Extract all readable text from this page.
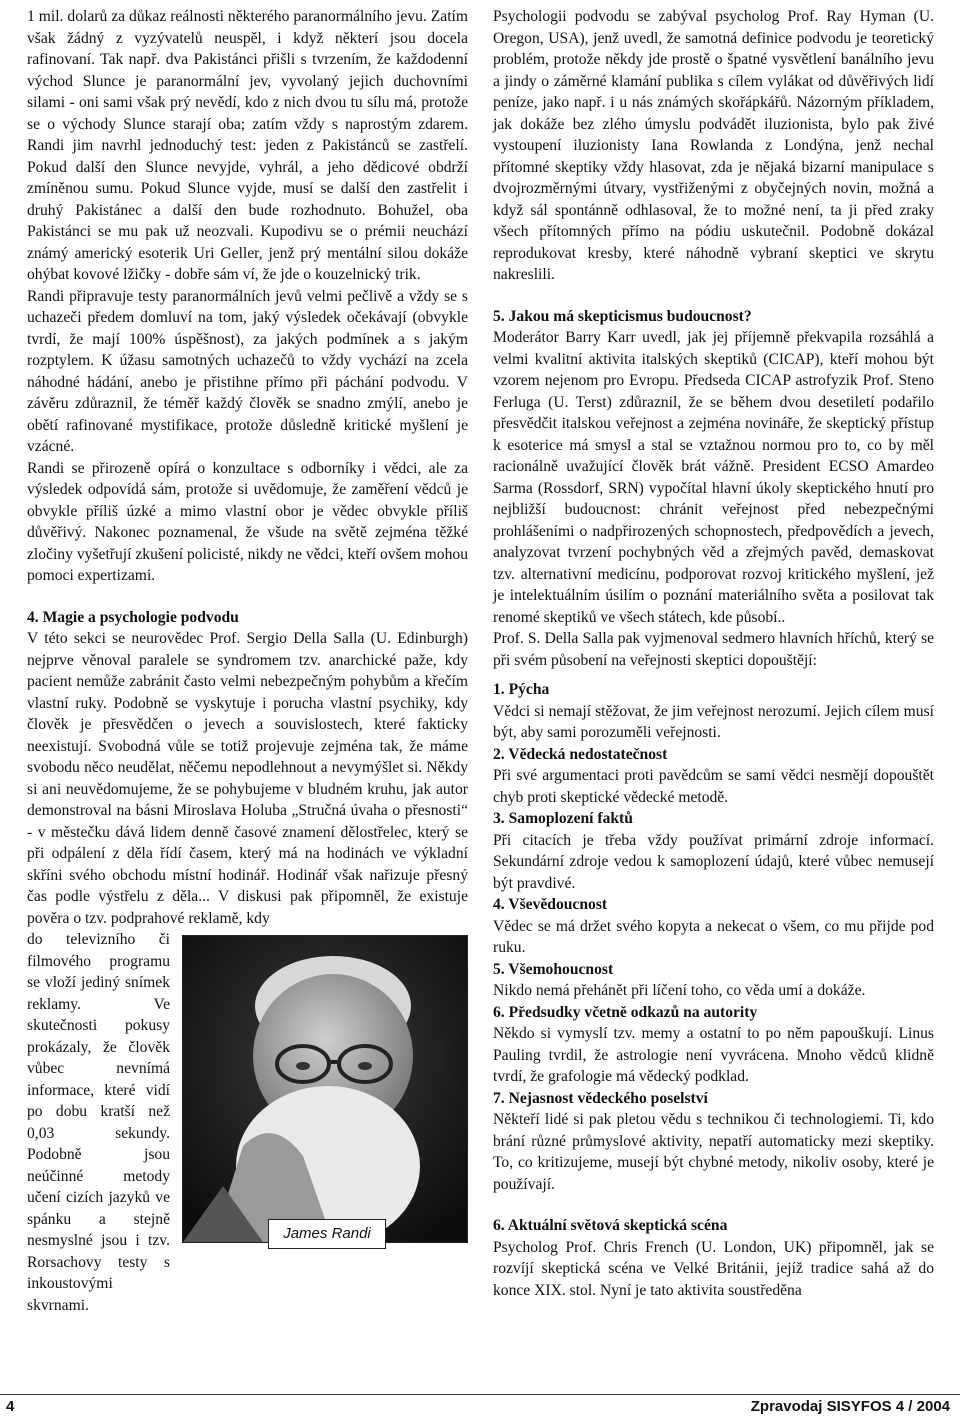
1 mil. dolarů za důkaz reálnosti některého paranormálního jevu. Zatím však žádný z vyzývatelů neuspěl, i když některí jsou docela rafinovaní. Tak např. dva Pakistánci přišli s tvrzením, že každodenní východ Slunce je paranormální jev, vyvolaný jejich duchovními silami - oni sami však prý nevědí, kdo z nich dvou tu sílu má, protože se o východy Slunce starají oba; zatím vždy s naprostým zdarem. Randi jim navrhl jednoduchý test: jeden z Pakistánců se zastřelí. Pokud další den Slunce nevyjde, vyhrál, a jeho dědicové obdrží zmíněnou sumu. Pokud Slunce vyjde, musí se další den zastřelit i druhý Pakistánec a další den bude rozhodnuto. Bohužel, oba Pakistánci se mu pak už neozvali. Kupodivu se o prémii neuchází známý americký esoterik Uri Geller, jenž prý mentální silou dokáže ohýbat kovové lžičky - dobře sám ví, že jde o kouzelnický trik.

Randi připravuje testy paranormálních jevů velmi pečlivě a vždy se s uchazeči předem domluví na tom, jaký výsledek očekávají (obvykle tvrdí, že mají 100% úspěšnost), za jakých podmínek a s jakým rozptylem. K úžasu samotných uchazečů to vždy vychází na zcela náhodné hádání, anebo je přistihne přímo při páchání podvodu. V závěru zdůraznil, že téměř každý člověk se snadno zmýlí, anebo je obětí rafinované mystifikace, protože důsledně kritické myšlení je vzácné.

Randi se přirozeně opírá o konzultace s odborníky i vědci, ale za výsledek odpovídá sám, protože si uvědomuje, že zaměření vědců je obvykle příliš úzké a mimo vlastní obor je vědec obvykle příliš důvěřivý. Nakonec poznamenal, že všude na světě zejména těžké zločiny vyšetřují zkušení policisté, nikdy ne vědci, kteří ovšem mohou pomoci expertizami.

4. Magie a psychologie podvodu

V této sekci se neurovědec Prof. Sergio Della Salla (U. Edinburgh) nejprve věnoval paralele se syndromem tzv. anarchické paže, kdy pacient nemůže zabránit často velmi nebezpečným pohybům a křečím vlastní ruky. Podobně se vyskytuje i porucha vlastní psychiky, kdy člověk je přesvědčen o jevech a souvislostech, které fakticky neexistují. Svobodná vůle se totiž projevuje zejména tak, že máme svobodu něco neudělat, něčemu nepodlehnout a nevymýšlet si. Někdy si ani neuvědomujeme, že se pohybujeme v bludném kruhu, jak autor demonstroval na básni Miroslava Holuba „Stručná úvaha o přesnosti“ - v městečku dává lidem denně časové znamení dělostřelec, který se při odpálení z děla řídí časem, který má na hodinách ve výkladní skříni svého obchodu místní hodinář. Hodinář však nařizuje přesný čas podle výstřelu z děla... V diskusi pak připomněl, že existuje pověra o tzv. podprahové reklamě, kdy

James Randi

do televizního či filmového programu se vloží jediný snímek reklamy. Ve skutečnosti pokusy prokázaly, že člověk vůbec nevnímá informace, které vidí po dobu kratší než 0,03 sekundy. Podobně jsou neúčinné metody učení cizích jazyků ve spánku a stejně nesmyslné jsou i tzv. Rorsachovy testy s inkoustovými skvrnami.

Psychologii podvodu se zabýval psycholog Prof. Ray Hyman (U. Oregon, USA), jenž uvedl, že samotná definice podvodu je teoretický problém, protože někdy jde prostě o špatné vysvětlení banálního jevu a jindy o záměrné klamání publika s cílem vylákat od důvěřivých lidí peníze, jako např. i u nás známých skořápkářů. Názorným příkladem, jak dokáže bez zlého úmyslu podvádět iluzionista, bylo pak živé vystoupení iluzionisty Iana Rowlanda z Londýna, jenž nechal přítomné skeptiky vždy hlasovat, zda je nějaká bizarní manipulace s dvojrozměrnými útvary, vystřiženými z obyčejných novin, možná a když sál spontánně odhlasoval, že to možné není, ta ji před zraky všech přítomných přímo na pódiu uskutečnil. Podobně dokázal reprodukovat kresby, které náhodně vybraní skeptici ve skrytu nakreslili.

5. Jakou má skepticismus budoucnost?

Moderátor Barry Karr uvedl, jak jej příjemně překvapila rozsáhlá a velmi kvalitní aktivita italských skeptiků (CICAP), kteří mohou být vzorem nejenom pro Evropu. Předseda CICAP astrofyzik Prof. Steno Ferluga (U. Terst) zdůraznil, že se během dvou desetiletí podařilo přesvědčit italskou veřejnost a zejména novináře, že skeptický přístup k esoterice má smysl a stal se vztažnou normou pro to, co by měl racionálně uvažující člověk brát vážně. President ECSO Amardeo Sarma (Rossdorf, SRN) vypočítal hlavní úkoly skeptického hnutí pro nejbližší budoucnost: chránit veřejnost před nebezpečnými prohlášeními o nadpřirozených schopnostech, předpovědích a jevech, analyzovat tvrzení pochybných věd a zřejmých pavěd, demaskovat tzv. alternativní medicínu, podporovat rozvoj kritického myšlení, jež je intelektuálním úsilím o poznání materiálního světa a posilovat tak renomé skeptiků ve všech státech, kde působí..

Prof. S. Della Salla pak vyjmenoval sedmero hlavních hříchů, který se při svém působení na veřejnosti skeptici dopouštějí:

1. Pýcha

Vědci si nemají stěžovat, že jim veřejnost nerozumí. Jejich cílem musí být, aby sami porozuměli veřejnosti.

2. Vědecká nedostatečnost

Při své argumentaci proti pavědcům se sami vědci nesmějí dopouštět chyb proti skeptické vědecké metodě.

3. Samoplození faktů

Při citacích je třeba vždy používat primární zdroje informací. Sekundární zdroje vedou k samoplození údajů, které vůbec nemusejí být pravdivé.

4. Vševědoucnost

Vědec se má držet svého kopyta a nekecat o všem, co mu přijde pod ruku.

5. Všemohoucnost

Nikdo nemá přehánět při líčení toho, co věda umí a dokáže.

6. Předsudky včetně odkazů na autority

Někdo si vymyslí tzv. memy a ostatní to po něm papouškují. Linus Pauling tvrdil, že astrologie není vyvrácena. Mnoho vědců klidně tvrdí, že grafologie má vědecký podklad.

7. Nejasnost vědeckého poselství

Někteří lidé si pak pletou vědu s technikou či technologiemi. Ti, kdo brání různé průmyslové aktivity, nepatří automaticky mezi skeptiky. To, co kritizujeme, musejí být chybné metody, nikoliv osoby, které je používají.

6. Aktuální světová skeptická scéna

Psycholog Prof. Chris French (U. London, UK) připomněl, jak se rozvíjí skeptická scéna ve Velké Británii, jejíž tradice sahá až do konce XIX. stol. Nyní je tato aktivita soustředěna

4	Zpravodaj SISYFOS 4 / 2004
